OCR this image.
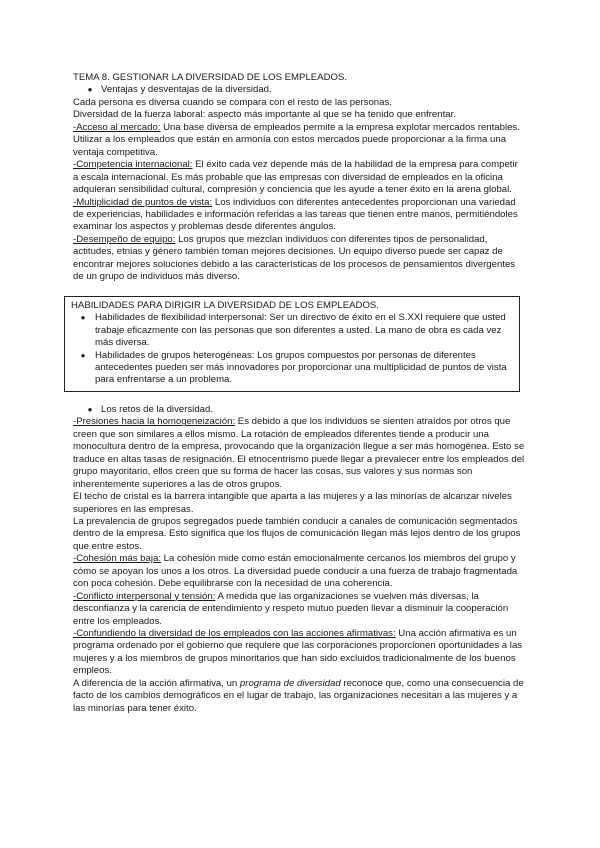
TEMA 8. GESTIONAR LA DIVERSIDAD DE LOS EMPLEADOS.

● Ventajas y desventajas de la diversidad.

Cada persona es diversa cuando se compara con el resto de las personas.

Diversidad de la fuerza laboral: aspecto más importante al que se ha tenido que enfrentar.

-Acceso al mercado: Una base diversa de empleados permite a la empresa explotar mercados rentables. Utilizar a los empleados que están en armonía con estos mercados puede proporcionar a la firma una ventaja competitiva.

-Competencia internacional: El éxito cada vez depende más de la habilidad de la empresa para competir a escala internacional. Es más probable que las empresas con diversidad de empleados en la oficina adquieran sensibilidad cultural, compresión y conciencia que les ayude a tener éxito en la arena global.

-Multiplicidad de puntos de vista: Los individuos con diferentes antecedentes proporcionan una variedad de experiencias, habilidades e información referidas a las tareas que tienen entre manos, permitiéndoles examinar los aspectos y problemas desde diferentes ángulos.

-Desempeño de equipo: Los grupos que mezclan individuos con diferentes tipos de personalidad, actitudes, etnias y género también toman mejores decisiones. Un equipo diverso puede ser capaz de encontrar mejores soluciones debido a las características de los procesos de pensamientos divergentes de un grupo de individuos más diverso.

HABILIDADES PARA DIRIGIR LA DIVERSIDAD DE LOS EMPLEADOS.

● Habilidades de flexibilidad interpersonal: Ser un directivo de éxito en el S.XXI requiere que usted trabaje eficazmente con las personas que son diferentes a usted. La mano de obra es cada vez más diversa.
● Habilidades de grupos heterogéneas: Los grupos compuestos por personas de diferentes antecedentes pueden ser más innovadores por proporcionar una multiplicidad de puntos de vista para enfrentarse a un problema.
● Los retos de la diversidad.

-Presiones hacia la homogeneización: Es debido a que los individuos se sienten atraídos por otros que creen que son similares a ellos mismo. La rotación de empleados diferentes tiende a producir una monocultura dentro de la empresa, provocando que la organización llegue a ser más homogénea. Esto se traduce en altas tasas de resignación. El etnocentrismo puede llegar a prevalecer entre los empleados del grupo mayoritario, ellos creen que su forma de hacer las cosas, sus valores y sus normas son inherentemente superiores a las de otros grupos.

El techo de cristal es la barrera intangible que aparta a las mujeres y a las minorías de alcanzar niveles superiores en las empresas.

La prevalencia de grupos segregados puede también conducir a canales de comunicación segmentados dentro de la empresa. Esto significa que los flujos de comunicación llegan más lejos dentro de los grupos que entre estos.

-Cohesión más baja: La cohesión mide como están emocionalmente cercanos los miembros del grupo y cómo se apoyan los unos a los otros. La diversidad puede conducir a una fuerza de trabajo fragmentada con poca cohesión. Debe equilibrarse con la necesidad de una coherencia.

-Conflicto interpersonal y tensión: A medida que las organizaciones se vuelven más diversas, la desconfianza y la carencia de entendimiento y respeto mutuo pueden llevar a disminuir la cooperación entre los empleados.

-Confundiendo la diversidad de los empleados con las acciones afirmativas: Una acción afirmativa es un programa ordenado por el gobierno que requiere que las corporaciones proporcionen oportunidades a las mujeres y a los miembros de grupos minoritarios que han sido excluidos tradicionalmente de los buenos empleos.

A diferencia de la acción afirmativa, un programa de diversidad reconoce que, como una consecuencia de facto de los cambios demográficos en el lugar de trabajo, las organizaciones necesitan a las mujeres y a las minorías para tener éxito.
